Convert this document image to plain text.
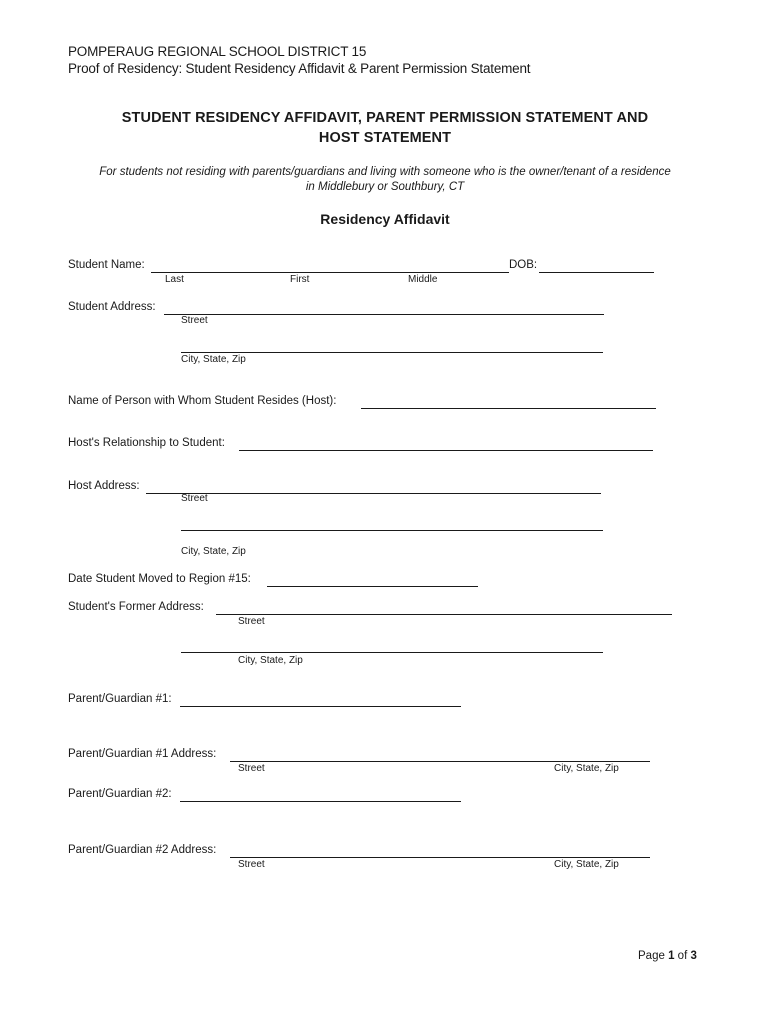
POMPERAUG REGIONAL SCHOOL DISTRICT 15
Proof of Residency: Student Residency Affidavit & Parent Permission Statement
STUDENT RESIDENCY AFFIDAVIT, PARENT PERMISSION STATEMENT AND
HOST STATEMENT
For students not residing with parents/guardians and living with someone who is the owner/tenant of a residence
in Middlebury or Southbury, CT
Residency Affidavit
Student Name:	DOB:
Last	First	Middle
Student Address:
Street
City, State, Zip
Name of Person with Whom Student Resides (Host):
Host's Relationship to Student:
Host Address:
Street
City, State, Zip
Date Student Moved to Region #15:
Student's Former Address:
Street
City, State, Zip
Parent/Guardian #1:
Parent/Guardian #1 Address:
Street	City, State, Zip
Parent/Guardian #2:
Parent/Guardian #2 Address:
Street	City, State, Zip
Page 1 of 3
